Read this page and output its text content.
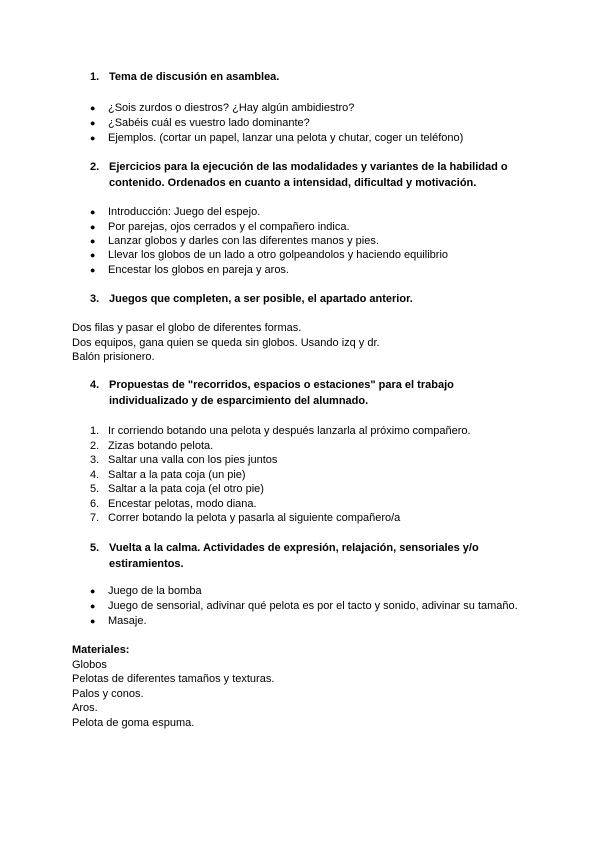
1. Tema de discusión en asamblea.
●	¿Sois zurdos o diestros? ¿Hay algún ambidiestro?
●	¿Sabéis cuál es vuestro lado dominante?
●	Ejemplos. (cortar un papel, lanzar una pelota y chutar, coger un teléfono)
2. Ejercicios para la ejecución de las modalidades y variantes de la habilidad o contenido. Ordenados en cuanto a intensidad, dificultad y motivación.
●	Introducción: Juego del espejo.
●	Por parejas, ojos cerrados y el compañero indica.
●	Lanzar globos y darles con las diferentes manos y pies.
●	Llevar los globos de un lado a otro golpeandolos y haciendo equilibrio
●	Encestar los globos en pareja y aros.
3. Juegos que completen, a ser posible, el apartado anterior.
Dos filas y pasar el globo de diferentes formas.
Dos equipos, gana quien se queda sin globos. Usando izq y dr.
Balón prisionero.
4. Propuestas de "recorridos, espacios o estaciones" para el trabajo individualizado y de esparcimiento del alumnado.
1. Ir corriendo botando una pelota y después lanzarla al próximo compañero.
2. Zizas botando pelota.
3. Saltar una valla con los pies juntos
4. Saltar a la pata coja (un pie)
5. Saltar a la pata coja (el otro pie)
6. Encestar pelotas, modo diana.
7. Correr botando la pelota y pasarla al siguiente compañero/a
5. Vuelta a la calma. Actividades de expresión, relajación, sensoriales y/o estiramientos.
●	Juego de la bomba
●	Juego de sensorial, adivinar qué pelota es por el tacto y sonido, adivinar su tamaño.
●	Masaje.
Materiales:
Globos
Pelotas de diferentes tamaños y texturas.
Palos y conos.
Aros.
Pelota de goma espuma.
